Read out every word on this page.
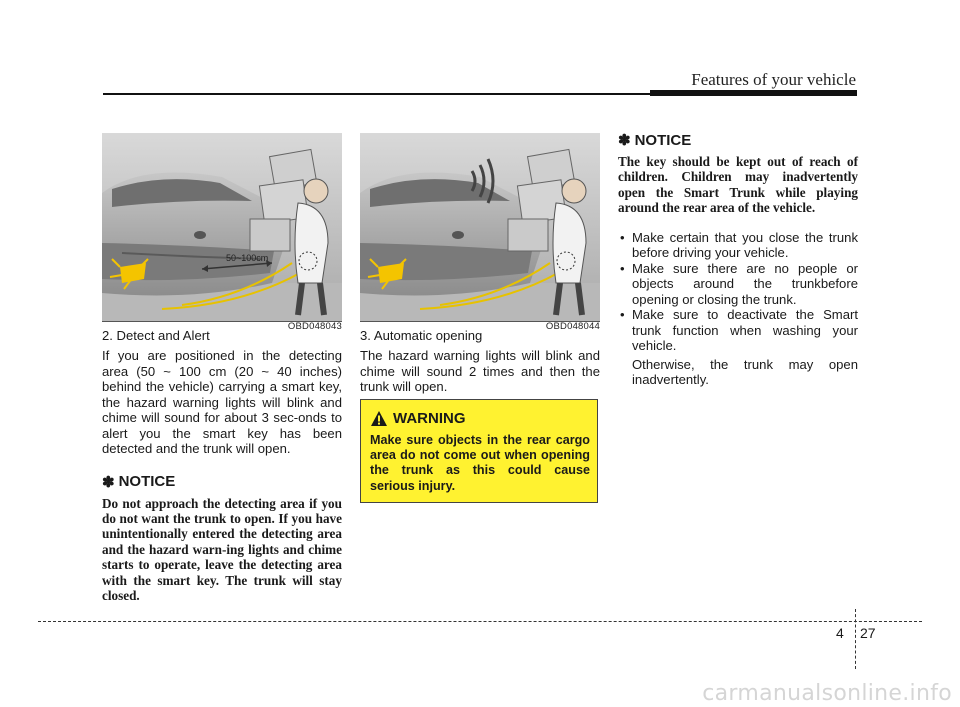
Features of your vehicle
50~100cm
OBD048043

2. Detect and Alert

If you are positioned in the detecting area (50 ~ 100 cm (20 ~ 40 inches) behind the vehicle) carrying a smart key, the hazard warning lights will blink and chime will sound for about 3 sec-onds to alert you the smart key has been detected and the trunk will open.

✽ NOTICE

Do not approach the detecting area if you do not want the trunk to open. If you have unintentionally entered the detecting area and the hazard warn-ing lights and chime starts to operate, leave the detecting area with the smart key. The trunk will stay closed.

OBD048044

3. Automatic opening

The hazard warning lights will blink and chime will sound 2 times and then the trunk will open.

WARNING

Make sure objects in the rear cargo area do not come out when opening the trunk as this could cause serious injury.

✽ NOTICE

The key should be kept out of reach of children. Children may inadvertently open the Smart Trunk while playing around the rear area of the vehicle.

• Make certain that you close the trunk before driving your vehicle.
• Make sure there are no people or objects around the trunkbefore opening or closing the trunk.
• Make sure to deactivate the Smart trunk function when washing your vehicle.

Otherwise, the trunk may open inadvertently.

4 27
carmanualsonline.info
